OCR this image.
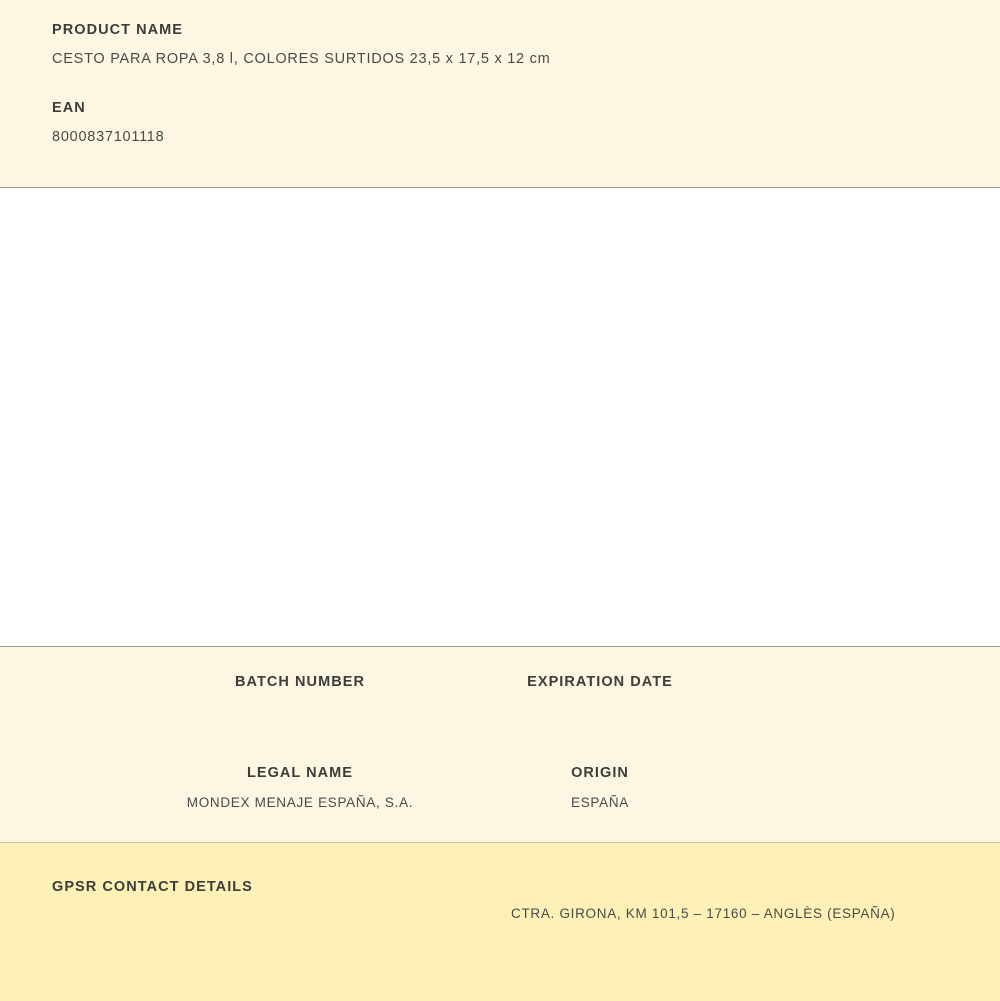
PRODUCT NAME
CESTO PARA ROPA 3,8 l, COLORES SURTIDOS 23,5 x 17,5 x 12 cm
EAN
8000837101118
BATCH NUMBER	EXPIRATION DATE
LEGAL NAME
MONDEX MENAJE ESPAÑA, S.A.
ORIGIN
ESPAÑA
GPSR CONTACT DETAILS
CTRA. GIRONA, KM 101,5 – 17160 – ANGLÈS (ESPAÑA)
